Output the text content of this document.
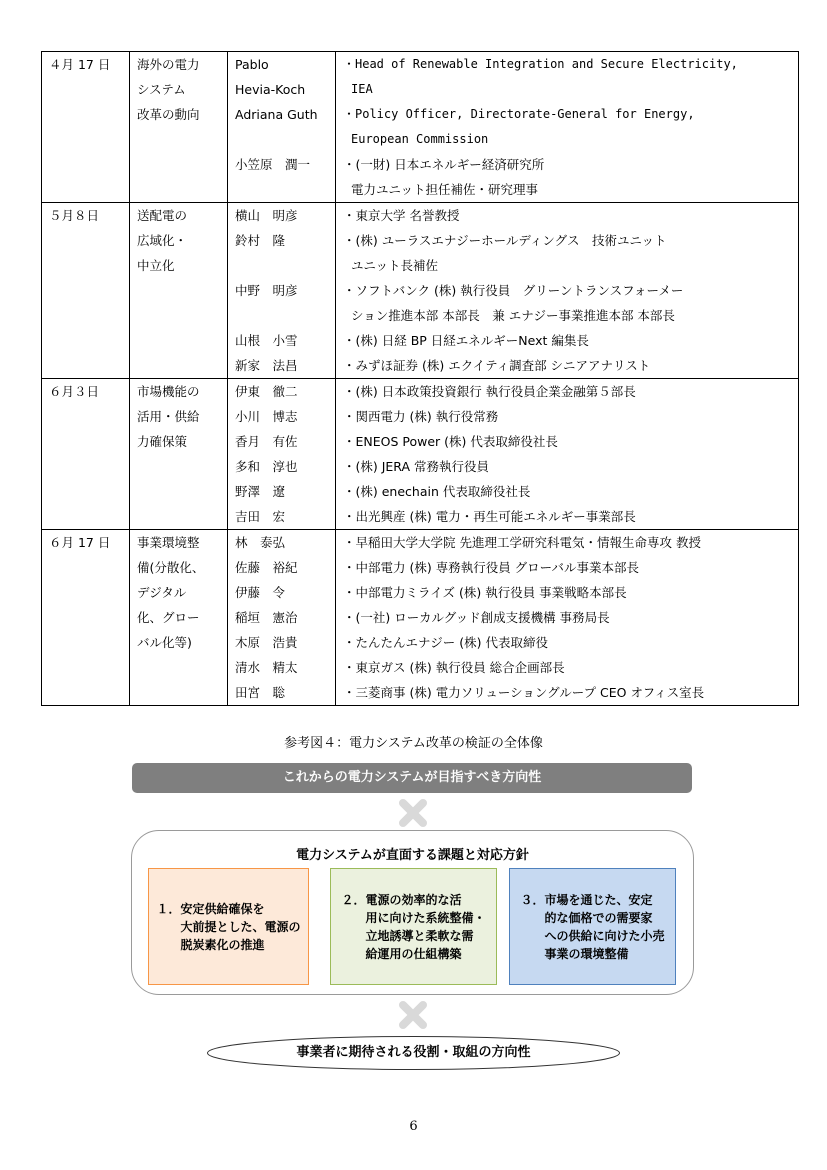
４月 17 日	海外の電力	Pablo	・Head of Renewable Integration and Secure Electricity,

	システム	Hevia-Koch	IEA

	改革の動向	Adriana Guth	・Policy Officer, Directorate-General for Energy,

			European Commission

		小笠原　潤一	・(一財) 日本エネルギー経済研究所

			電力ユニット担任補佐・研究理事

５月８日	送配電の	横山　明彦	・東京大学 名誉教授

	広域化・	鈴村　隆	・(株) ユーラスエナジーホールディングス　技術ユニット

	中立化		ユニット長補佐

		中野　明彦	・ソフトバンク (株) 執行役員　グリーントランスフォーメー

			ション推進本部 本部長　兼 エナジー事業推進本部 本部長

		山根　小雪	・(株) 日経 BP 日経エネルギーNext 編集長

		新家　法昌	・みずほ証券 (株) エクイティ調査部 シニアアナリスト

６月３日	市場機能の	伊東　徹二	・(株) 日本政策投資銀行 執行役員企業金融第５部長

	活用・供給	小川　博志	・関西電力 (株) 執行役常務

	力確保策	香月　有佐	・ENEOS Power (株) 代表取締役社長

		多和　淳也	・(株) JERA 常務執行役員

		野澤　遼	・(株) enechain 代表取締役社長

		吉田　宏	・出光興産 (株) 電力・再生可能エネルギー事業部長

６月 17 日	事業環境整	林　泰弘	・早稲田大学大学院 先進理工学研究科電気・情報生命専攻 教授

	備(分散化、	佐藤　裕紀	・中部電力 (株) 専務執行役員 グローバル事業本部長

	デジタル	伊藤　令	・中部電力ミライズ (株) 執行役員 事業戦略本部長

	化、グロー	稲垣　憲治	・(一社) ローカルグッド創成支援機構 事務局長

	バル化等)	木原　浩貴	・たんたんエナジー (株) 代表取締役

		清水　精太	・東京ガス (株) 執行役員 総合企画部長

		田宮　聡	・三菱商事 (株) 電力ソリューショングループ CEO オフィス室長
参考図４：電力システム改革の検証の全体像
これからの電力システムが目指すべき方向性
電力システムが直面する課題と対応方針
１．安定供給確保を
　　大前提とした、電源の
　　脱炭素化の推進
２．電源の効率的な活
　　用に向けた系統整備・
　　立地誘導と柔軟な需
　　給運用の仕組構築
３．市場を通じた、安定
　　的な価格での需要家
　　への供給に向けた小売
　　事業の環境整備
事業者に期待される役割・取組の方向性
6
